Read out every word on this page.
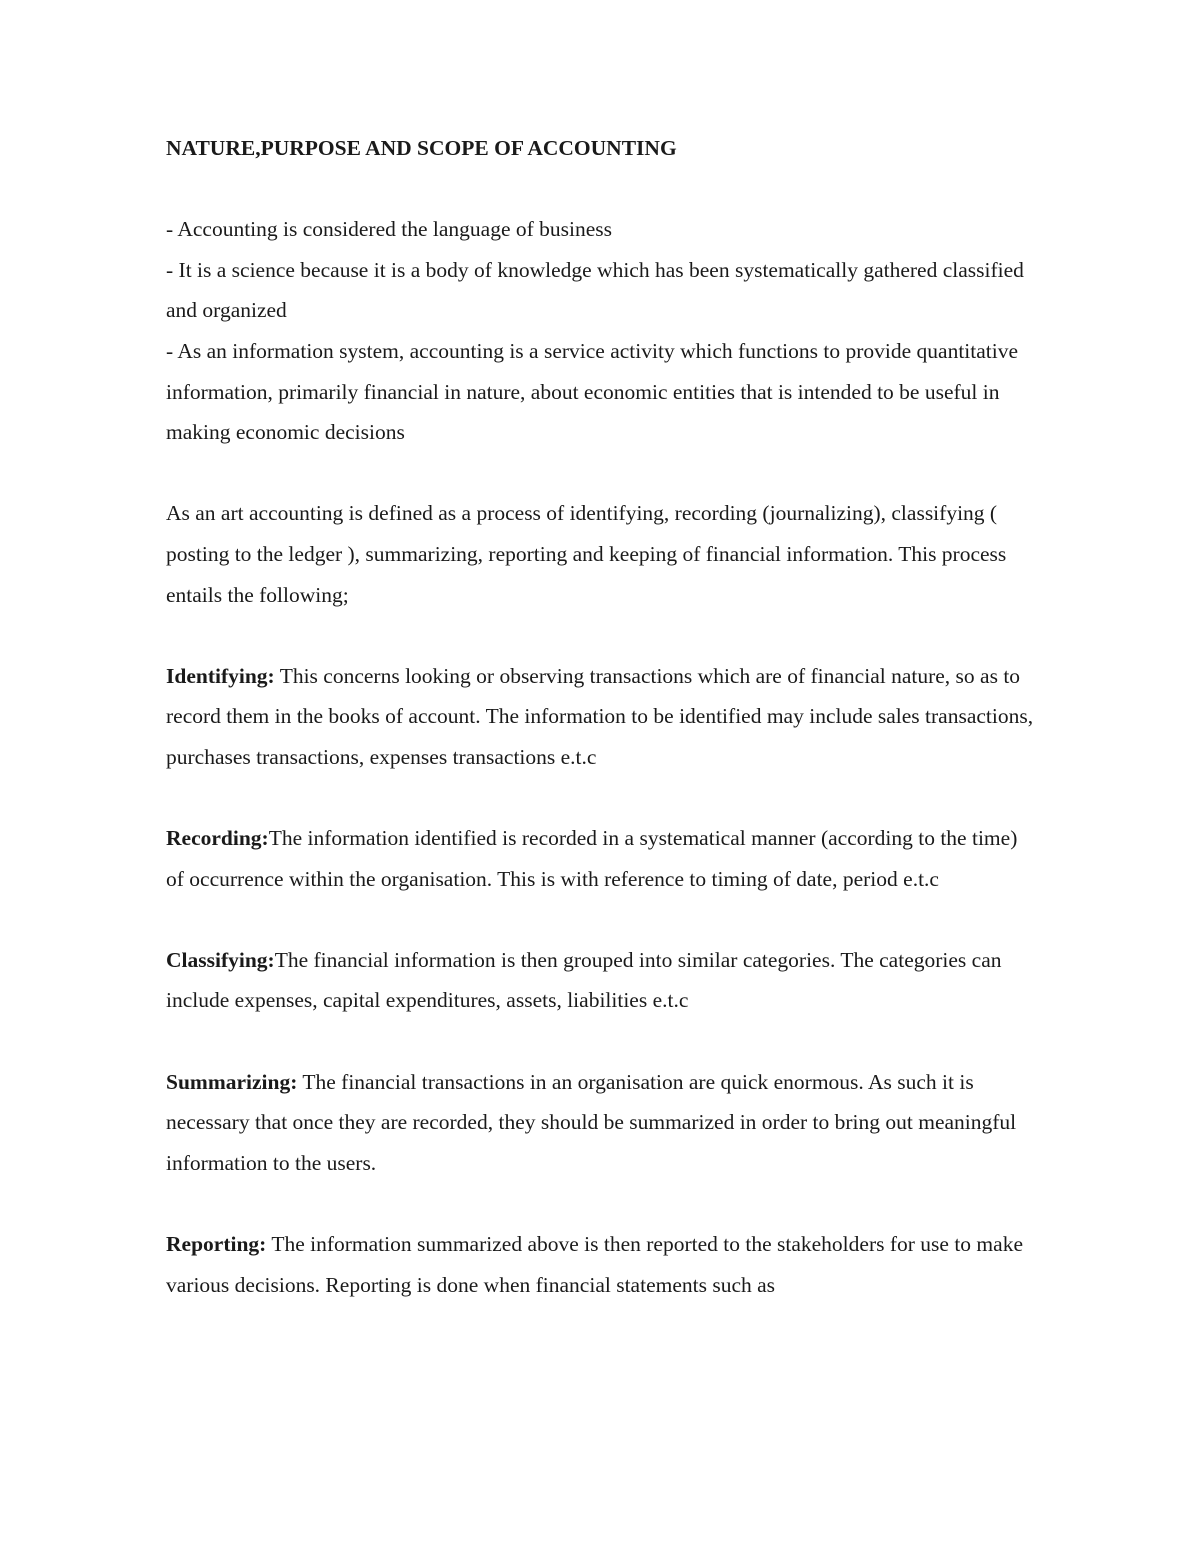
NATURE,PURPOSE AND SCOPE OF ACCOUNTING

- Accounting is considered the language of business

- It is a science because it is a body of knowledge which has been systematically gathered classified and organized

- As an information system, accounting is a service activity which functions to provide quantitative information, primarily financial in nature, about economic entities that is intended to be useful in making economic decisions

As an art accounting is defined as a process of identifying, recording (journalizing), classifying ( posting to the ledger ), summarizing, reporting and keeping of financial information. This process entails the following;

Identifying: This concerns looking or observing transactions which are of financial nature, so as to record them in the books of account. The information to be identified may include sales transactions, purchases transactions, expenses transactions e.t.c

Recording:The information identified is recorded in a systematical manner (according to the time) of occurrence within the organisation. This is with reference to timing of date, period e.t.c

Classifying:The financial information is then grouped into similar categories. The categories can include expenses, capital expenditures, assets, liabilities e.t.c

Summarizing: The financial transactions in an organisation are quick enormous. As such it is necessary that once they are recorded, they should be summarized in order to bring out meaningful information to the users.

Reporting: The information summarized above is then reported to the stakeholders for use to make various decisions. Reporting is done when financial statements such as
